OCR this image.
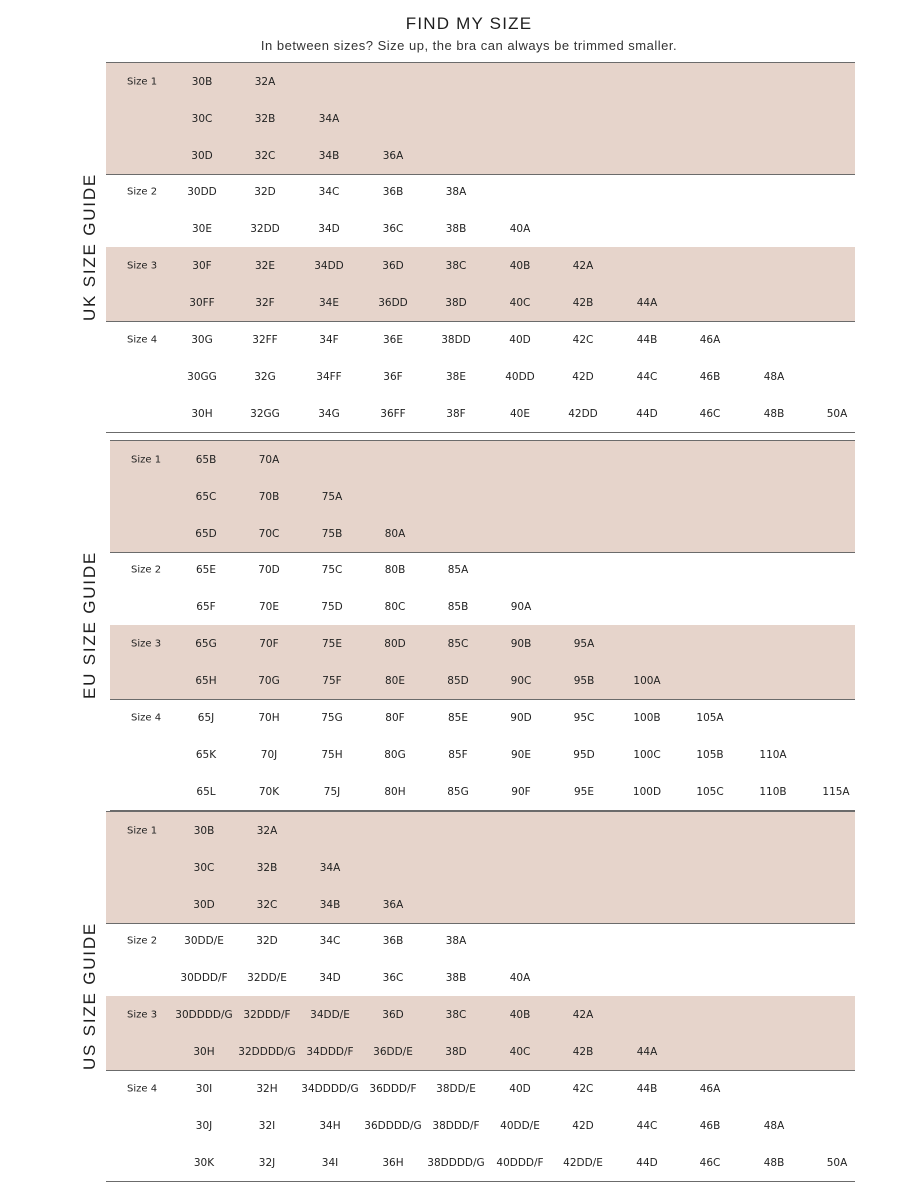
FIND MY SIZE
In between sizes? Size up, the bra can always be trimmed smaller.
UK SIZE GUIDE
Size 1	30B	32A
30C	32B	34A
30D	32C	34B	36A
Size 2	30DD	32D	34C	36B	38A
30E	32DD	34D	36C	38B	40A
Size 3	30F	32E	34DD	36D	38C	40B	42A
30FF	32F	34E	36DD	38D	40C	42B	44A
Size 4	30G	32FF	34F	36E	38DD	40D	42C	44B	46A
30GG	32G	34FF	36F	38E	40DD	42D	44C	46B	48A
30H	32GG	34G	36FF	38F	40E	42DD	44D	46C	48B	50A
EU SIZE GUIDE
Size 1	65B	70A
65C	70B	75A
65D	70C	75B	80A
Size 2	65E	70D	75C	80B	85A
65F	70E	75D	80C	85B	90A
Size 3	65G	70F	75E	80D	85C	90B	95A
65H	70G	75F	80E	85D	90C	95B	100A
Size 4	65J	70H	75G	80F	85E	90D	95C	100B	105A
65K	70J	75H	80G	85F	90E	95D	100C	105B	110A
65L	70K	75J	80H	85G	90F	95E	100D	105C	110B	115A
US SIZE GUIDE
Size 1	30B	32A
30C	32B	34A
30D	32C	34B	36A
Size 2	30DD/E	32D	34C	36B	38A
30DDD/F 32DD/E	34D	36C	38B	40A
Size 3 30DDDD/G 32DDD/F 34DD/E	36D	38C	40B	42A
30H 32DDDD/G 34DDD/F 36DD/E	38D	40C	42B	44A
Size 4	30I	32H 34DDDD/G 36DDD/F 38DD/E	40D	42C	44B	46A
30J	32I	34H 36DDDD/G 38DDD/F 40DD/E	42D	44C	46B	48A
30K	32J	34I	36H 38DDDD/G 40DDD/F 42DD/E	44D	46C	48B	50A
